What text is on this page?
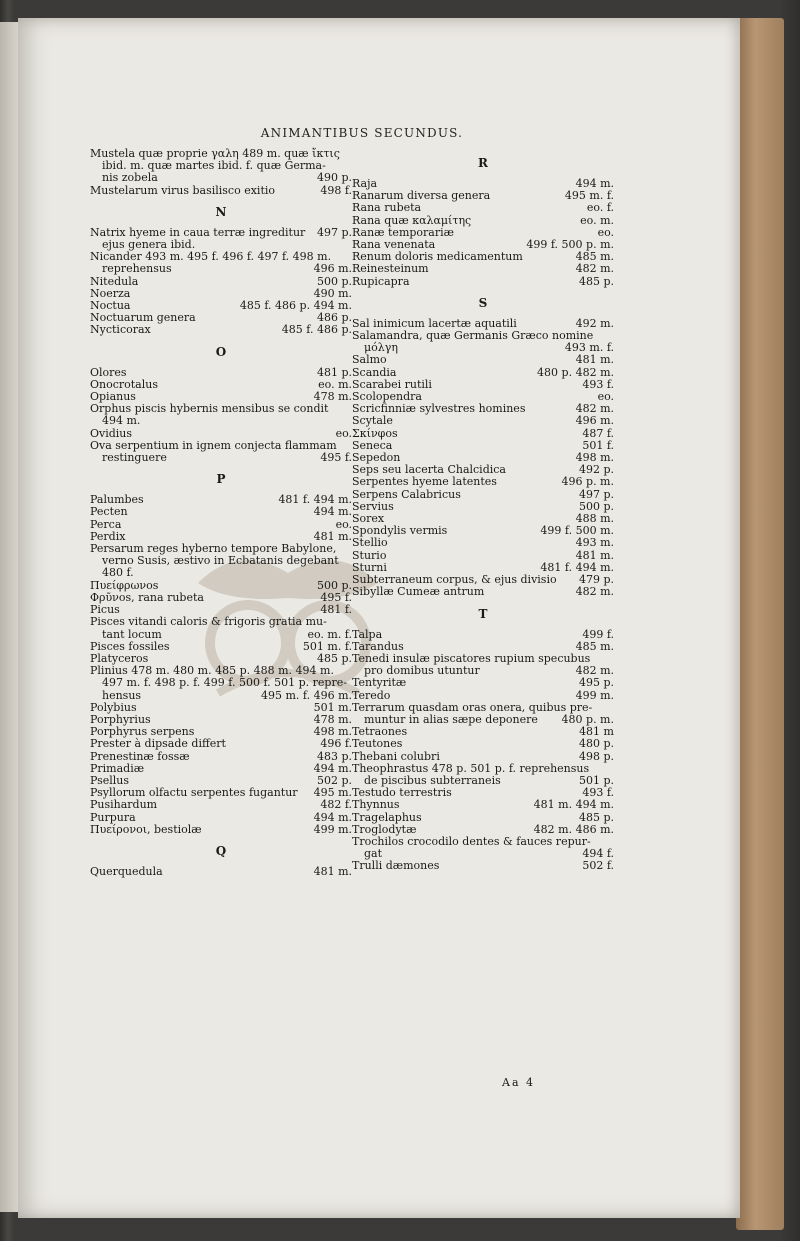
ANIMANTIBUS SECUNDUS.
Mustela quæ proprie γαλη 489 m. quæ ἴκτις
ibid. m. quæ martes ibid. f. quæ Germa-
nis zobela	490 p.
Mustelarum virus basilisco exitio	498 f.
N
Natrix hyeme in caua terræ ingreditur 497 p.
ejus genera ibid.
Nicander 493 m. 495 f. 496 f. 497 f. 498 m.
reprehensus	496 m.
Nitedula	500 p.
Noerza	490 m.
Noctua	485 f. 486 p. 494 m.
Noctuarum genera	486 p.
Nycticorax	485 f. 486 p.
O
Olores	481 p.
Onocrotalus	eo. m.
Opianus	478 m.
Orphus piscis hybernis mensibus se condit
494 m.
Ovidius	eo.
Ova serpentium in ignem conjecta flammam
restinguere	495 f.
P
Palumbes	481 f. 494 m.
Pecten	494 m.
Perca	eo.
Perdix	481 m.
Persarum reges hyberno tempore Babylone,
verno Susis, æstivo in Ecbatanis degebant
480 f.
Πυείφρωνοs	500 p.
Φρῦνοs, rana rubeta	495 f.
Picus	481 f.
Pisces vitandi caloris & frigoris gratia mu-
tant locum	eo. m. f.
Pisces fossiles	501 m. f.
Platyceros	485 p.
Plinius 478 m. 480 m. 485 p. 488 m. 494 m.
497 m. f. 498 p. f. 499 f. 500 f. 501 p. repre-
hensus	495 m. f. 496 m.
Polybius	501 m.
Porphyrius	478 m.
Porphyrus serpens	498 m.
Prester à dipsade differt	496 f.
Prenestinæ fossæ	483 p.
Primadiæ	494 m.
Psellus	502 p.
Psyllorum olfactu serpentes fugantur 495 m.
Pusihardum	482 f.
Purpura	494 m.
Πυείρονοι, bestiolæ	499 m.
Q
Querquedula	481 m.
R
Raja	494 m.
Ranarum diversa genera	495 m. f.
Rana rubeta	eo. f.
Rana quæ καλαμίτης	eo. m.
Ranæ temporariæ	eo.
Rana venenata	499 f. 500 p. m.
Renum doloris medicamentum	485 m.
Reinesteinum	482 m.
Rupicapra	485 p.
S
Sal inimicum lacertæ aquatili	492 m.
Salamandra, quæ Germanis Græco nomine
μόλγη	493 m. f.
Salmo	481 m.
Scandia	480 p. 482 m.
Scarabei rutili	493 f.
Scolopendra	eo.
Scricfinniæ sylvestres homines	482 m.
Scytale	496 m.
Σκίνφοs	487 f.
Seneca	501 f.
Sepedon	498 m.
Seps seu lacerta Chalcidica	492 p.
Serpentes hyeme latentes	496 p. m.
Serpens Calabricus	497 p.
Servius	500 p.
Sorex	488 m.
Spondylis vermis	499 f. 500 m.
Stellio	493 m.
Sturio	481 m.
Sturni	481 f. 494 m.
Subterraneum corpus, & ejus divisio 479 p.
Sibyllæ Cumeæ antrum	482 m.
T
Talpa	499 f.
Tarandus	485 m.
Tenedi insulæ piscatores rupium specubus
pro domibus utuntur	482 m.
Tentyritæ	495 p.
Teredo	499 m.
Terrarum quasdam oras onera, quibus pre-
muntur in alias sæpe deponere 480 p. m.
Tetraones	481 m
Teutones	480 p.
Thebani colubri	498 p.
Theophrastus 478 p. 501 p. f. reprehensus
de piscibus subterraneis	501 p.
Testudo terrestris	493 f.
Thynnus	481 m. 494 m.
Tragelaphus	485 p.
Troglodytæ	482 m. 486 m.
Trochilos crocodilo dentes & fauces repur-
gat	494 f.
Trulli dæmones	502 f.
Aa 4
